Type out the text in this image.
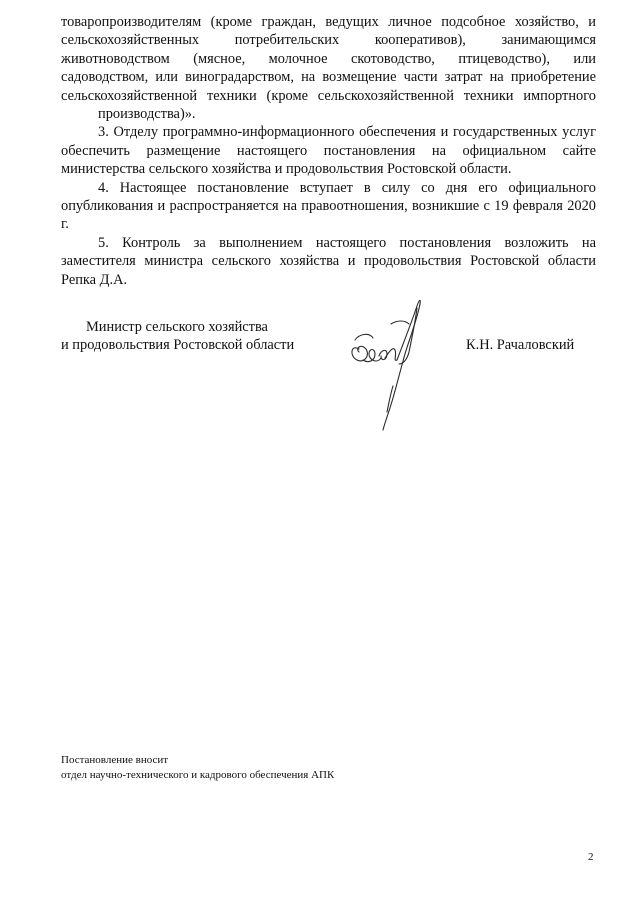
товаропроизводителям (кроме граждан, ведущих личное подсобное хозяйство, и
сельскохозяйственных потребительских кооперативов), занимающимся
животноводством (мясное, молочное скотоводство, птицеводство), или
садоводством, или виноградарством, на возмещение части затрат на приобретение
сельскохозяйственной техники (кроме сельскохозяйственной техники импортного
производства)».

3. Отделу программно-информационного обеспечения и государственных услуг обеспечить размещение настоящего постановления на официальном сайте министерства сельского хозяйства и продовольствия Ростовской области.

4. Настоящее постановление вступает в силу со дня его официального опубликования и распространяется на правоотношения, возникшие с 19 февраля 2020 г.

5. Контроль за выполнением настоящего постановления возложить на заместителя министра сельского хозяйства и продовольствия Ростовской области Репка Д.А.

Министр сельского хозяйства
и продовольствия Ростовской области	К.Н. Рачаловский
Постановление вносит
отдел научно-технического и кадрового обеспечения АПК
2
